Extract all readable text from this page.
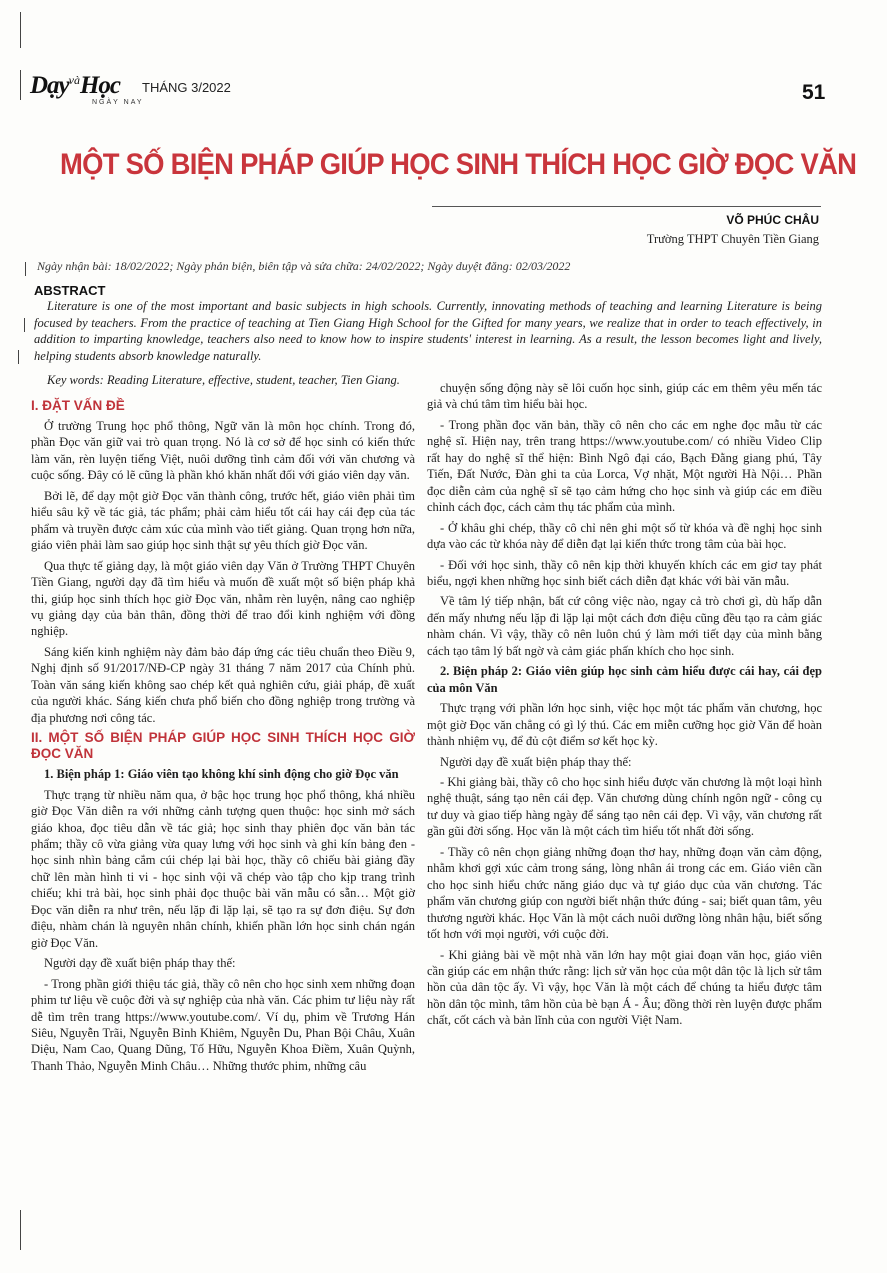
Dạy$^{và}$Học
NGÀY NAY
THÁNG 3/2022	51
MỘT SỐ BIỆN PHÁP GIÚP HỌC SINH THÍCH HỌC GIỜ ĐỌC VĂN
VÕ PHÚC CHÂU
Trường THPT Chuyên Tiền Giang
Ngày nhận bài: 18/02/2022; Ngày phản biện, biên tập và sửa chữa: 24/02/2022; Ngày duyệt đăng: 02/03/2022
ABSTRACT

Literature is one of the most important and basic subjects in high schools. Currently, innovating methods of teaching and learning Literature is being focused by teachers. From the practice of teaching at Tien Giang High School for the Gifted for many years, we realize that in order to teach effectively, in addition to imparting knowledge, teachers also need to know how to inspire students' interest in learning. As a result, the lesson becomes light and lively, helping students absorb knowledge naturally.

Key words: Reading Literature, effective, student, teacher, Tien Giang.
I. ĐẶT VẤN ĐỀ

Ở trường Trung học phổ thông, Ngữ văn là môn học chính. Trong đó, phần Đọc văn giữ vai trò quan trọng. Nó là cơ sở để học sinh có kiến thức làm văn, rèn luyện tiếng Việt, nuôi dưỡng tình cảm đối với văn chương và cuộc sống. Đây có lẽ cũng là phần khó khăn nhất đối với giáo viên dạy văn.

Bởi lẽ, để dạy một giờ Đọc văn thành công, trước hết, giáo viên phải tìm hiểu sâu kỹ về tác giả, tác phẩm; phải cảm hiểu tốt cái hay cái đẹp của tác phẩm và truyền được cảm xúc của mình vào tiết giảng. Quan trọng hơn nữa, giáo viên phải làm sao giúp học sinh thật sự yêu thích giờ Đọc văn.

Qua thực tế giảng dạy, là một giáo viên dạy Văn ở Trường THPT Chuyên Tiền Giang, người dạy đã tìm hiểu và muốn đề xuất một số biện pháp khả thi, giúp học sinh thích học giờ Đọc văn, nhằm rèn luyện, nâng cao nghiệp vụ giảng dạy của bản thân, đồng thời để trao đổi kinh nghiệm với đồng nghiệp.

Sáng kiến kinh nghiệm này đảm bảo đáp ứng các tiêu chuẩn theo Điều 9, Nghị định số 91/2017/NĐ-CP ngày 31 tháng 7 năm 2017 của Chính phủ. Toàn văn sáng kiến không sao chép kết quả nghiên cứu, giải pháp, đề xuất của người khác. Sáng kiến chưa phổ biến cho đồng nghiệp trong trường và địa phương nơi công tác.

II. MỘT SỐ BIỆN PHÁP GIÚP HỌC SINH THÍCH HỌC GIỜ ĐỌC VĂN
1. Biện pháp 1: Giáo viên tạo không khí sinh động cho giờ Đọc văn

Thực trạng từ nhiều năm qua, ở bậc học trung học phổ thông, khá nhiều giờ Đọc Văn diễn ra với những cảnh tượng quen thuộc: học sinh mở sách giáo khoa, đọc tiêu dẫn về tác giả; học sinh thay phiên đọc văn bản tác phẩm; thầy cô vừa giảng vừa quay lưng với học sinh và ghi kín bảng đen - học sinh nhìn bảng cắm cúi chép lại bài học, thầy cô chiếu bài giảng đầy chữ lên màn hình ti vi - học sinh vội vã chép vào tập cho kịp trang trình chiếu; khi trả bài, học sinh phải đọc thuộc bài văn mẫu có sẵn… Một giờ Đọc văn diễn ra như trên, nếu lặp đi lặp lại, sẽ tạo ra sự đơn điệu. Sự đơn điệu, nhàm chán là nguyên nhân chính, khiến phần lớn học sinh chán ngán giờ Đọc Văn.

Người dạy đề xuất biện pháp thay thế:

- Trong phần giới thiệu tác giả, thầy cô nên cho học sinh xem những đoạn phim tư liệu về cuộc đời và sự nghiệp của nhà văn. Các phim tư liệu này rất dễ tìm trên trang https://www.youtube.com/. Ví dụ, phim về Trương Hán Siêu, Nguyễn Trãi, Nguyễn Bỉnh Khiêm, Nguyễn Du, Phan Bội Châu, Xuân Diệu, Nam Cao, Quang Dũng, Tố Hữu, Nguyễn Khoa Điềm, Xuân Quỳnh, Thanh Thảo, Nguyễn Minh Châu… Những thước phim, những câu

chuyện sống động này sẽ lôi cuốn học sinh, giúp các em thêm yêu mến tác giả và chú tâm tìm hiểu bài học.

- Trong phần đọc văn bản, thầy cô nên cho các em nghe đọc mẫu từ các nghệ sĩ. Hiện nay, trên trang https://www.youtube.com/ có nhiều Video Clip rất hay do nghệ sĩ thể hiện: Bình Ngô đại cáo, Bạch Đằng giang phú, Tây Tiến, Đất Nước, Đàn ghi ta của Lorca, Vợ nhặt, Một người Hà Nội… Phần đọc diễn cảm của nghệ sĩ sẽ tạo cảm hứng cho học sinh và giúp các em điều chỉnh cách đọc, cách cảm thụ tác phẩm của mình.

- Ở khâu ghi chép, thầy cô chỉ nên ghi một số từ khóa và đề nghị học sinh dựa vào các từ khóa này để diễn đạt lại kiến thức trong tâm của bài học.

- Đối với học sinh, thầy cô nên kịp thời khuyến khích các em giơ tay phát biểu, ngợi khen những học sinh biết cách diễn đạt khác với bài văn mẫu.

Về tâm lý tiếp nhận, bất cứ công việc nào, ngay cả trò chơi gì, dù hấp dẫn đến mấy nhưng nếu lặp đi lặp lại một cách đơn điệu cũng đều tạo ra cảm giác nhàm chán. Vì vậy, thầy cô nên luôn chú ý làm mới tiết dạy của mình bằng cách tạo tâm lý bất ngờ và cảm giác phấn khích cho học sinh.

2. Biện pháp 2: Giáo viên giúp học sinh cảm hiểu được cái hay, cái đẹp của môn Văn

Thực trạng với phần lớn học sinh, việc học một tác phẩm văn chương, học một giờ Đọc văn chẳng có gì lý thú. Các em miễn cưỡng học giờ Văn để hoàn thành nhiệm vụ, để đủ cột điểm sơ kết học kỳ.

Người dạy đề xuất biện pháp thay thế:

- Khi giảng bài, thầy cô cho học sinh hiểu được văn chương là một loại hình nghệ thuật, sáng tạo nên cái đẹp. Văn chương dùng chính ngôn ngữ - công cụ tư duy và giao tiếp hàng ngày để sáng tạo nên cái đẹp. Vì vậy, văn chương rất gần gũi đời sống. Học văn là một cách tìm hiểu tốt nhất đời sống.

- Thầy cô nên chọn giảng những đoạn thơ hay, những đoạn văn cảm động, nhằm khơi gợi xúc cảm trong sáng, lòng nhân ái trong các em. Giáo viên cần cho học sinh hiểu chức năng giáo dục và tự giáo dục của văn chương. Tác phẩm văn chương giúp con người biết nhận thức đúng - sai; biết quan tâm, yêu thương người khác. Học Văn là một cách nuôi dưỡng lòng nhân hậu, biết sống tốt hơn với mọi người, với cuộc đời.

- Khi giảng bài về một nhà văn lớn hay một giai đoạn văn học, giáo viên cần giúp các em nhận thức rằng: lịch sử văn học của một dân tộc là lịch sử tâm hồn của dân tộc ấy. Vì vậy, học Văn là một cách để chúng ta hiểu được tâm hồn dân tộc mình, tâm hồn của bè bạn Á - Âu; đồng thời rèn luyện được phẩm chất, cốt cách và bản lĩnh của con người Việt Nam.
